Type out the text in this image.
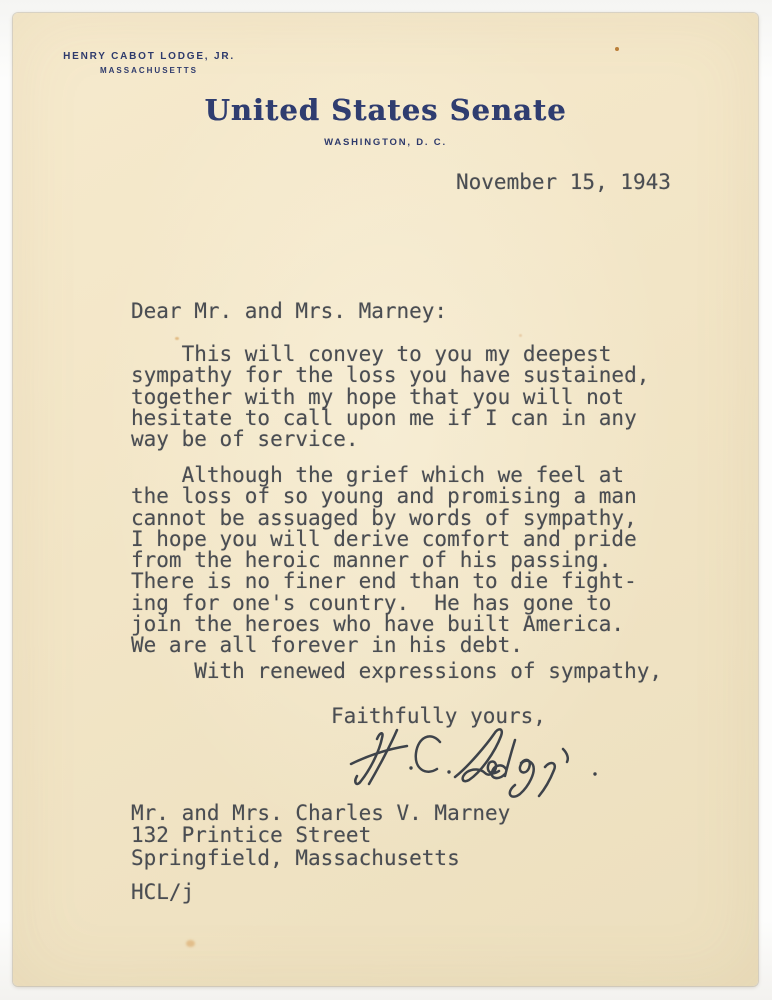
HENRY CABOT LODGE, JR.
MASSACHUSETTS
United States Senate
WASHINGTON, D. C.
November 15, 1943
Dear Mr. and Mrs. Marney:
This will convey to you my deepest
sympathy for the loss you have sustained,
together with my hope that you will not
hesitate to call upon me if I can in any
way be of service.
Although the grief which we feel at
the loss of so young and promising a man
cannot be assuaged by words of sympathy,
I hope you will derive comfort and pride
from the heroic manner of his passing.
There is no finer end than to die fight-
ing for one's country.  He has gone to
join the heroes who have built America.
We are all forever in his debt.
With renewed expressions of sympathy,
Faithfully yours,
Mr. and Mrs. Charles V. Marney
132 Printice Street
Springfield, Massachusetts
HCL/j
